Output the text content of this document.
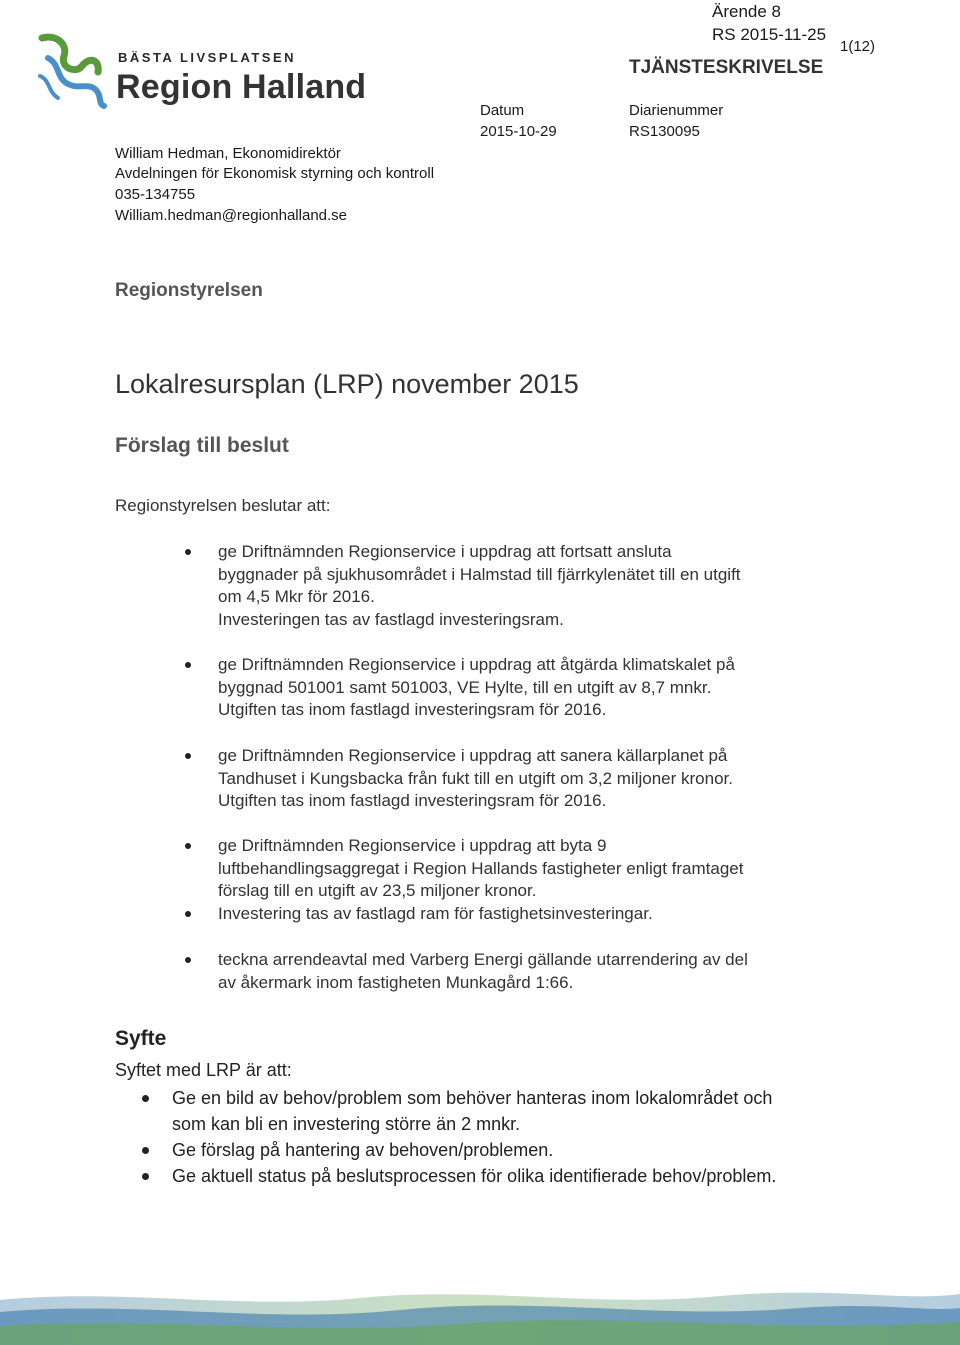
BÄSTA LIVSPLATSEN
Region Halland
Ärende 8
RS 2015-11-25
1(12)
TJÄNSTESKRIVELSE
Datum
2015-10-29
Diarienummer
RS130095
William Hedman, Ekonomidirektör
Avdelningen för Ekonomisk styrning och kontroll
035-134755
William.hedman@regionhalland.se
Regionstyrelsen
Lokalresursplan (LRP) november 2015
Förslag till beslut
Regionstyrelsen beslutar att:
ge Driftnämnden Regionservice i uppdrag att fortsatt ansluta
byggnader på sjukhusområdet i Halmstad till fjärrkylenätet till en utgift
om 4,5 Mkr för 2016.
Investeringen tas av fastlagd investeringsram.
ge Driftnämnden Regionservice i uppdrag att åtgärda klimatskalet på
byggnad 501001 samt 501003, VE Hylte, till en utgift av 8,7 mnkr.
Utgiften tas inom fastlagd investeringsram för 2016.
ge Driftnämnden Regionservice i uppdrag att sanera källarplanet på
Tandhuset i Kungsbacka från fukt till en utgift om 3,2 miljoner kronor.
Utgiften tas inom fastlagd investeringsram för 2016.
ge Driftnämnden Regionservice i uppdrag att byta 9
luftbehandlingsaggregat i Region Hallands fastigheter enligt framtaget
förslag till en utgift av 23,5 miljoner kronor.
Investering tas av fastlagd ram för fastighetsinvesteringar.
teckna arrendeavtal med Varberg Energi gällande utarrendering av del
av åkermark inom fastigheten Munkagård 1:66.
Syfte
Syftet med LRP är att:
Ge en bild av behov/problem som behöver hanteras inom lokalområdet och
som kan bli en investering större än 2 mnkr.
Ge förslag på hantering av behoven/problemen.
Ge aktuell status på beslutsprocessen för olika identifierade behov/problem.
